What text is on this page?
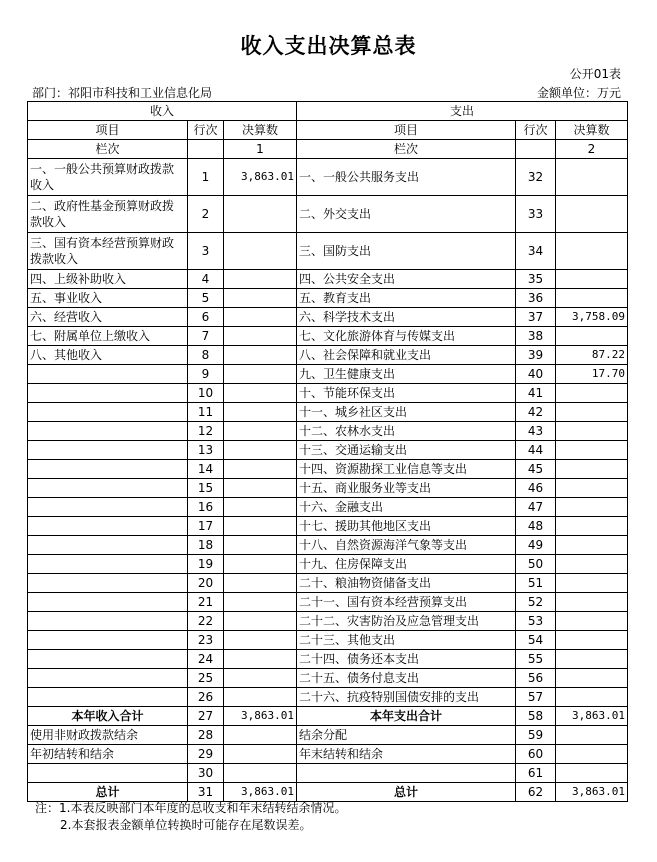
收入支出决算总表
公开01表
部门：祁阳市科技和工业信息化局	金额单位：万元
收入			支出		
项目	行次	决算数	项目	行次	决算数
栏次		1	栏次		2
一、一般公共预算财政拨款收入	1	3,863.01	一、一般公共服务支出	32	
二、政府性基金预算财政拨款收入	2		二、外交支出	33	
三、国有资本经营预算财政拨款收入	3		三、国防支出	34	
四、上级补助收入	4		四、公共安全支出	35	
五、事业收入	5		五、教育支出	36	
六、经营收入	6		六、科学技术支出	37	3,758.09
七、附属单位上缴收入	7		七、文化旅游体育与传媒支出	38	
八、其他收入	8		八、社会保障和就业支出	39	87.22
	9		九、卫生健康支出	40	17.70
	10		十、节能环保支出	41	
	11		十一、城乡社区支出	42	
	12		十二、农林水支出	43	
	13		十三、交通运输支出	44	
	14		十四、资源勘探工业信息等支出	45	
	15		十五、商业服务业等支出	46	
	16		十六、金融支出	47	
	17		十七、援助其他地区支出	48	
	18		十八、自然资源海洋气象等支出	49	
	19		十九、住房保障支出	50	
	20		二十、粮油物资储备支出	51	
	21		二十一、国有资本经营预算支出	52	
	22		二十二、灾害防治及应急管理支出	53	
	23		二十三、其他支出	54	
	24		二十四、债务还本支出	55	
	25		二十五、债务付息支出	56	
	26		二十六、抗疫特别国债安排的支出	57	
本年收入合计	27	3,863.01	本年支出合计	58	3,863.01
使用非财政拨款结余	28		结余分配	59	
年初结转和结余	29		年末结转和结余	60	
	30			61	
总计	31	3,863.01	总计	62	3,863.01
注：1.本表反映部门本年度的总收支和年末结转结余情况。
2.本套报表金额单位转换时可能存在尾数误差。
